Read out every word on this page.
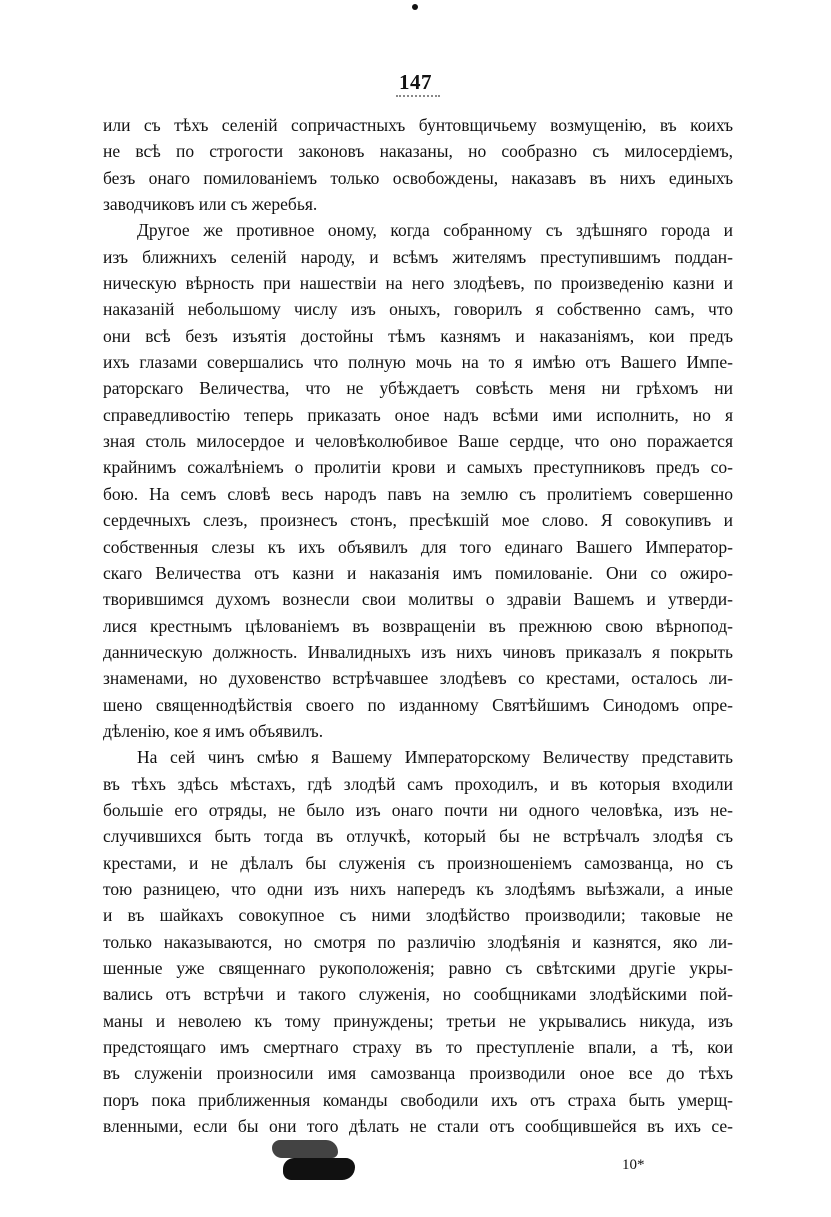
147
или съ тѣхъ селеній сопричастныхъ бунтовщичьему возмущенію, въ коихъ
не всѣ по строгости законовъ наказаны, но сообразно съ милосердіемъ,
безъ онаго помилованіемъ только освобождены, наказавъ въ нихъ единыхъ
заводчиковъ или съ жеребья.
Другое же противное оному, когда собранному съ здѣшняго города и
изъ ближнихъ селеній народу, и всѣмъ жителямъ преступившимъ поддан-
ническую вѣрность при нашествіи на него злодѣевъ, по произведенію казни и
наказаній небольшому числу изъ оныхъ, говорилъ я собственно самъ, что
они всѣ безъ изъятія достойны тѣмъ казнямъ и наказаніямъ, кои предъ
ихъ глазами совершались что полную мочь на то я имѣю отъ Вашего Импе-
раторскаго Величества, что не убѣждаетъ совѣсть меня ни грѣхомъ ни
справедливостію теперь приказать оное надъ всѣми ими исполнить, но я
зная столь милосердое и человѣколюбивое Ваше сердце, что оно поражается
крайнимъ сожалѣніемъ о пролитіи крови и самыхъ преступниковъ предъ со-
бою. На семъ словѣ весь народъ павъ на землю съ пролитіемъ совершенно
сердечныхъ слезъ, произнесъ стонъ, пресѣкшій мое слово. Я совокупивъ и
собственныя слезы къ ихъ объявилъ для того единаго Вашего Император-
скаго Величества отъ казни и наказанія имъ помилованіе. Они со ожиро-
творившимся духомъ вознесли свои молитвы о здравіи Вашемъ и утверди-
лися крестнымъ цѣлованіемъ въ возвращеніи въ прежнюю свою вѣрнопод-
данническую должность. Инвалидныхъ изъ нихъ чиновъ приказалъ я покрыть
знаменами, но духовенство встрѣчавшее злодѣевъ со крестами, осталось ли-
шено священнодѣйствія своего по изданному Святѣйшимъ Синодомъ опре-
дѣленію, кое я имъ объявилъ.
На сей чинъ смѣю я Вашему Императорскому Величеству представить
въ тѣхъ здѣсь мѣстахъ, гдѣ злодѣй самъ проходилъ, и въ которыя входили
большіе его отряды, не было изъ онаго почти ни одного человѣка, изъ не-
случившихся быть тогда въ отлучкѣ, который бы не встрѣчалъ злодѣя съ
крестами, и не дѣлалъ бы служенія съ произношеніемъ самозванца, но съ
тою разницею, что одни изъ нихъ напередъ къ злодѣямъ выѣзжали, а иные
и въ шайкахъ совокупное съ ними злодѣйство производили; таковые не
только наказываются, но смотря по различію злодѣянія и казнятся, яко ли-
шенные уже священнаго рукоположенія; равно съ свѣтскими другіе укры-
вались отъ встрѣчи и такого служенія, но сообщниками злодѣйскими пой-
маны и неволею къ тому принуждены; третьи не укрывались никуда, изъ
предстоящаго имъ смертнаго страху въ то преступленіе впали, а тѣ, кои
въ служеніи произносили имя самозванца производили оное все до тѣхъ
поръ пока приближенныя команды свободили ихъ отъ страха быть умерщ-
вленными, если бы они того дѣлать не стали отъ сообщившейся въ ихъ се-
10*
